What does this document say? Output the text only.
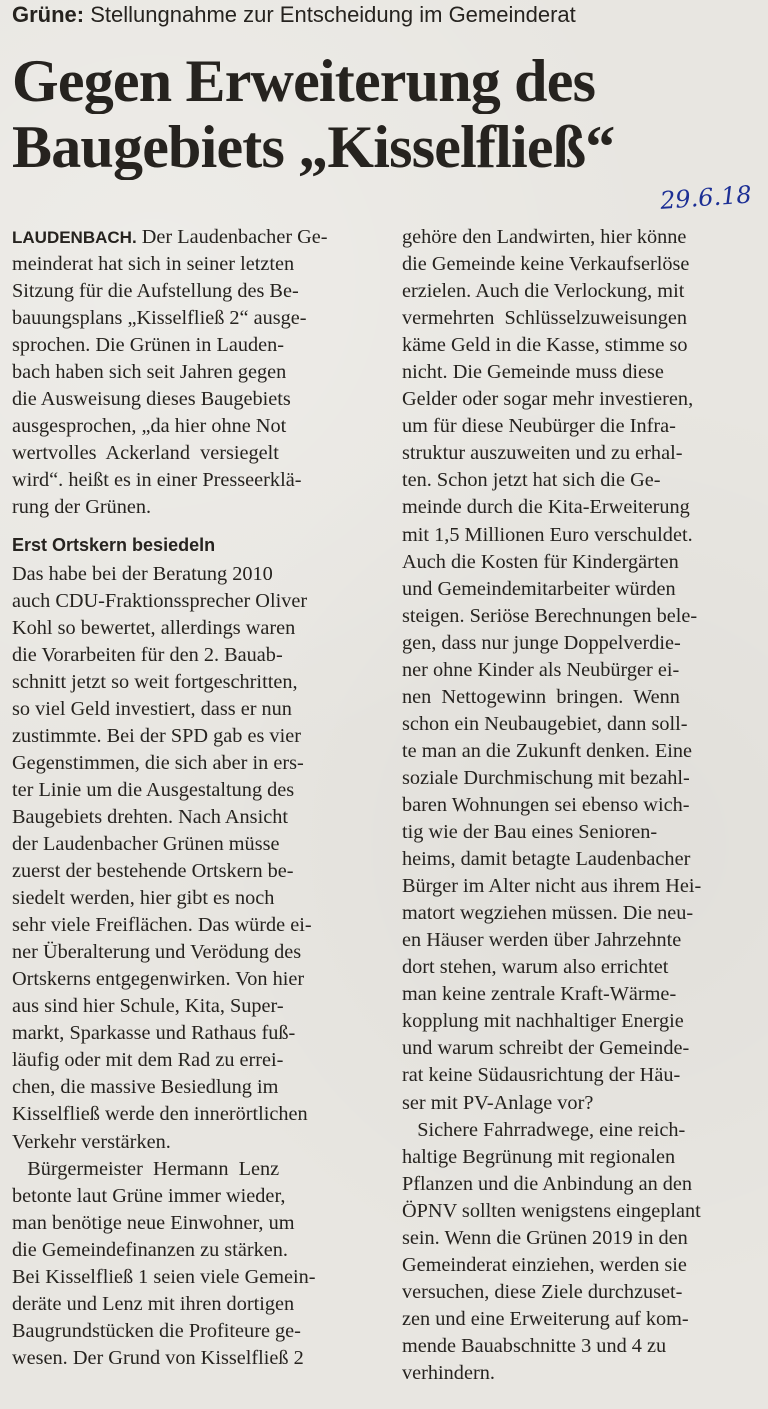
Grüne: Stellungnahme zur Entscheidung im Gemeinderat
Gegen Erweiterung des
Baugebiets „Kisselfließ“
29.6.18
LAUDENBACH. Der Laudenbacher Ge-
meinderat hat sich in seiner letzten
Sitzung für die Aufstellung des Be-
bauungsplans „Kisselfließ 2“ ausge-
sprochen. Die Grünen in Lauden-
bach haben sich seit Jahren gegen
die Ausweisung dieses Baugebiets
ausgesprochen, „da hier ohne Not
wertvolles  Ackerland  versiegelt
wird“. heißt es in einer Presseerklä-
rung der Grünen.
Erst Ortskern besiedeln
Das habe bei der Beratung 2010
auch CDU-Fraktionssprecher Oliver
Kohl so bewertet, allerdings waren
die Vorarbeiten für den 2. Bauab-
schnitt jetzt so weit fortgeschritten,
so viel Geld investiert, dass er nun
zustimmte. Bei der SPD gab es vier
Gegenstimmen, die sich aber in ers-
ter Linie um die Ausgestaltung des
Baugebiets drehten. Nach Ansicht
der Laudenbacher Grünen müsse
zuerst der bestehende Ortskern be-
siedelt werden, hier gibt es noch
sehr viele Freiflächen. Das würde ei-
ner Überalterung und Verödung des
Ortskerns entgegenwirken. Von hier
aus sind hier Schule, Kita, Super-
markt, Sparkasse und Rathaus fuß-
läufig oder mit dem Rad zu errei-
chen, die massive Besiedlung im
Kisselfließ werde den innerörtlichen
Verkehr verstärken.
Bürgermeister  Hermann  Lenz
betonte laut Grüne immer wieder,
man benötige neue Einwohner, um
die Gemeindefinanzen zu stärken.
Bei Kisselfließ 1 seien viele Gemein-
deräte und Lenz mit ihren dortigen
Baugrundstücken die Profiteure ge-
wesen. Der Grund von Kisselfließ 2
gehöre den Landwirten, hier könne
die Gemeinde keine Verkaufserlöse
erzielen. Auch die Verlockung, mit
vermehrten  Schlüsselzuweisungen
käme Geld in die Kasse, stimme so
nicht. Die Gemeinde muss diese
Gelder oder sogar mehr investieren,
um für diese Neubürger die Infra-
struktur auszuweiten und zu erhal-
ten. Schon jetzt hat sich die Ge-
meinde durch die Kita-Erweiterung
mit 1,5 Millionen Euro verschuldet.
Auch die Kosten für Kindergärten
und Gemeindemitarbeiter würden
steigen. Seriöse Berechnungen bele-
gen, dass nur junge Doppelverdie-
ner ohne Kinder als Neubürger ei-
nen  Nettogewinn  bringen.  Wenn
schon ein Neubaugebiet, dann soll-
te man an die Zukunft denken. Eine
soziale Durchmischung mit bezahl-
baren Wohnungen sei ebenso wich-
tig wie der Bau eines Senioren-
heims, damit betagte Laudenbacher
Bürger im Alter nicht aus ihrem Hei-
matort wegziehen müssen. Die neu-
en Häuser werden über Jahrzehnte
dort stehen, warum also errichtet
man keine zentrale Kraft-Wärme-
kopplung mit nachhaltiger Energie
und warum schreibt der Gemeinde-
rat keine Südausrichtung der Häu-
ser mit PV-Anlage vor?
Sichere Fahrradwege, eine reich-
haltige Begrünung mit regionalen
Pflanzen und die Anbindung an den
ÖPNV sollten wenigstens eingeplant
sein. Wenn die Grünen 2019 in den
Gemeinderat einziehen, werden sie
versuchen, diese Ziele durchzuset-
zen und eine Erweiterung auf kom-
mende Bauabschnitte 3 und 4 zu
verhindern.
